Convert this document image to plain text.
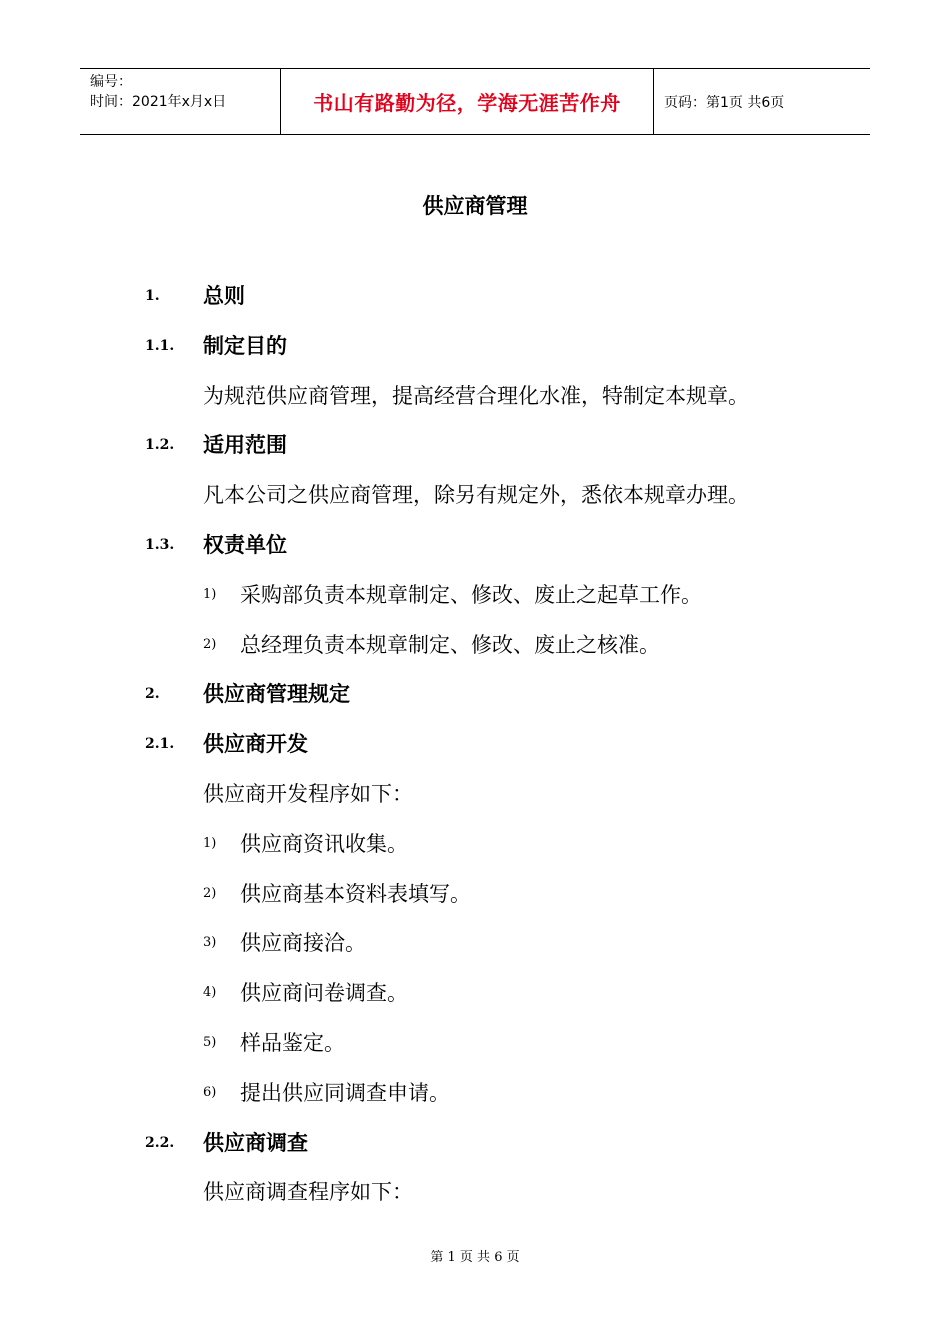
编号：
时间：2021年x月x日	书山有路勤为径，学海无涯苦作舟	页码：第1页 共6页
供应商管理
1. 总则
1.1. 制定目的
为规范供应商管理，提高经营合理化水准，特制定本规章。
1.2. 适用范围
凡本公司之供应商管理，除另有规定外，悉依本规章办理。
1.3. 权责单位
1) 采购部负责本规章制定、修改、废止之起草工作。
2) 总经理负责本规章制定、修改、废止之核准。
2. 供应商管理规定
2.1. 供应商开发
供应商开发程序如下：
1) 供应商资讯收集。
2) 供应商基本资料表填写。
3) 供应商接洽。
4) 供应商问卷调查。
5) 样品鉴定。
6) 提出供应同调查申请。
2.2. 供应商调查
供应商调查程序如下：
第 1 页 共 6 页
